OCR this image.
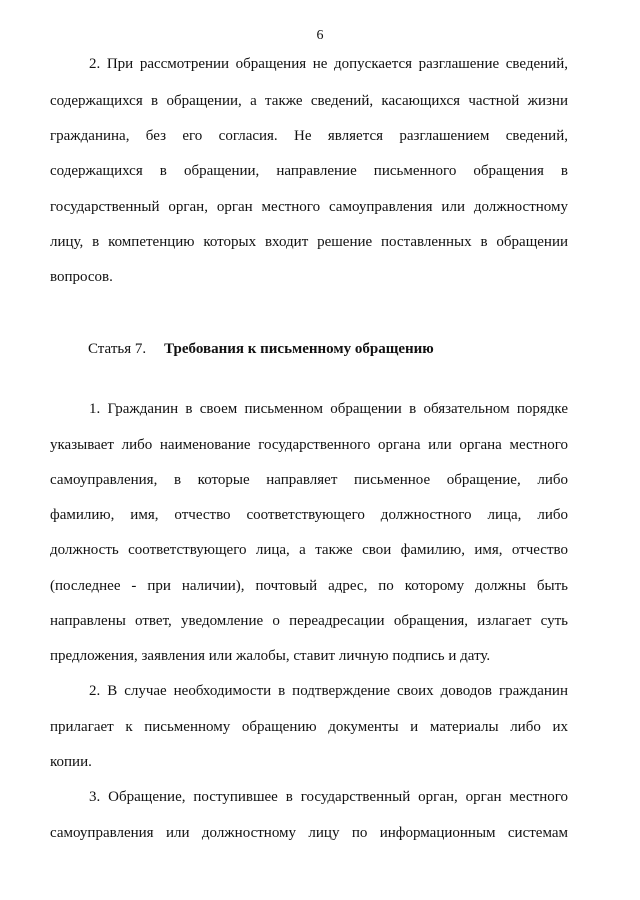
6
2. При рассмотрении обращения не допускается разглашение сведений,
содержащихся в обращении, а также сведений, касающихся частной жизни
гражданина, без его согласия. Не является разглашением сведений,
содержащихся в обращении, направление письменного обращения в
государственный орган, орган местного самоуправления или должностному
лицу, в компетенцию которых входит решение поставленных в обращении
вопросов.
Статья 7. Требования к письменному обращению
1. Гражданин в своем письменном обращении в обязательном порядке
указывает либо наименование государственного органа или органа местного
самоуправления, в которые направляет письменное обращение, либо
фамилию, имя, отчество соответствующего должностного лица, либо
должность соответствующего лица, а также свои фамилию, имя, отчество
(последнее - при наличии), почтовый адрес, по которому должны быть
направлены ответ, уведомление о переадресации обращения, излагает суть
предложения, заявления или жалобы, ставит личную подпись и дату.
2. В случае необходимости в подтверждение своих доводов гражданин
прилагает к письменному обращению документы и материалы либо их
копии.
3. Обращение, поступившее в государственный орган, орган местного
самоуправления или должностному лицу по информационным системам
